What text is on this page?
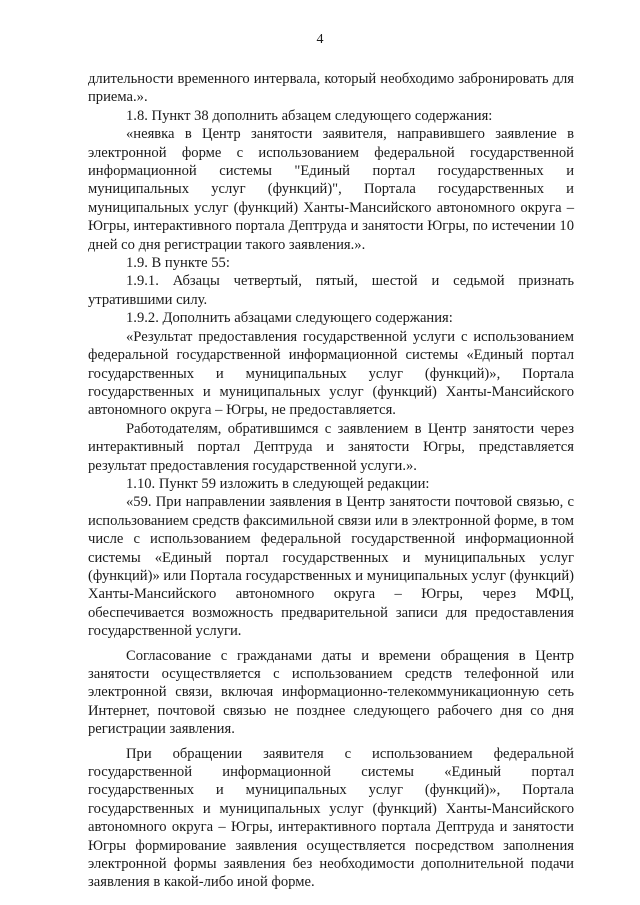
4

длительности временного интервала, который необходимо забронировать для приема.».

1.8. Пункт 38 дополнить абзацем следующего содержания:

«неявка в Центр занятости заявителя, направившего заявление в электронной форме с использованием федеральной государственной информационной системы "Единый портал государственных и муниципальных услуг (функций)", Портала государственных и муниципальных услуг (функций) Ханты-Мансийского автономного округа – Югры, интерактивного портала Дептруда и занятости Югры, по истечении 10 дней со дня регистрации такого заявления.».

1.9. В пункте 55:

1.9.1. Абзацы четвертый, пятый, шестой и седьмой признать утратившими силу.

1.9.2. Дополнить абзацами следующего содержания:

«Результат предоставления государственной услуги с использованием федеральной государственной информационной системы «Единый портал государственных и муниципальных услуг (функций)», Портала государственных и муниципальных услуг (функций) Ханты-Мансийского автономного округа – Югры, не предоставляется.

Работодателям, обратившимся с заявлением в Центр занятости через интерактивный портал Дептруда и занятости Югры, представляется результат предоставления государственной услуги.».

1.10. Пункт 59 изложить в следующей редакции:

«59. При направлении заявления в Центр занятости почтовой связью, с использованием средств факсимильной связи или в электронной форме, в том числе с использованием федеральной государственной информационной системы «Единый портал государственных и муниципальных услуг (функций)» или Портала государственных и муниципальных услуг (функций) Ханты-Мансийского автономного округа – Югры, через МФЦ, обеспечивается возможность предварительной записи для предоставления государственной услуги.

Согласование с гражданами даты и времени обращения в Центр занятости осуществляется с использованием средств телефонной или электронной связи, включая информационно-телекоммуникационную сеть Интернет, почтовой связью не позднее следующего рабочего дня со дня регистрации заявления.

При обращении заявителя с использованием федеральной государственной информационной системы «Единый портал государственных и муниципальных услуг (функций)», Портала государственных и муниципальных услуг (функций) Ханты-Мансийского автономного округа – Югры, интерактивного портала Дептруда и занятости Югры формирование заявления осуществляется посредством заполнения электронной формы заявления без необходимости дополнительной подачи заявления в какой-либо иной форме.
